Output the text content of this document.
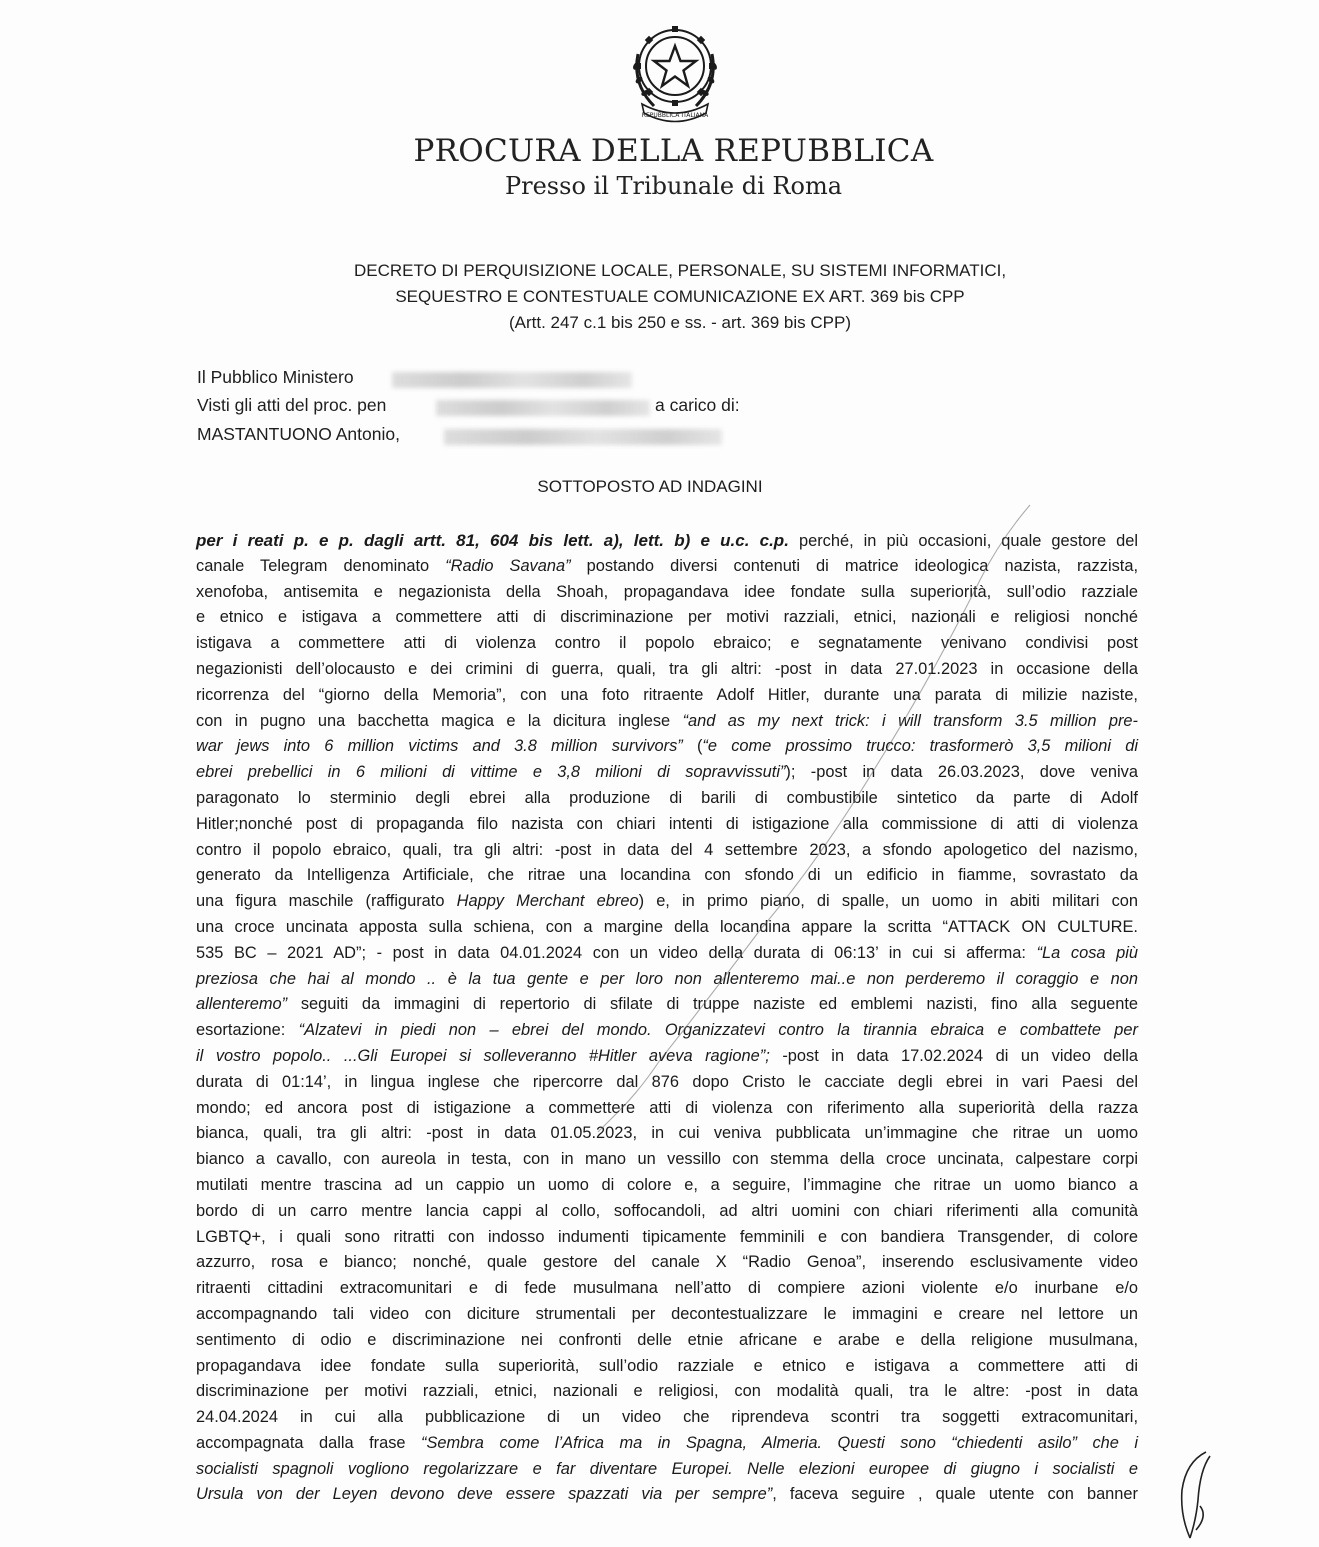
REPUBBLICA ITALIANA
PROCURA DELLA REPUBBLICA
Presso il Tribunale di Roma
DECRETO DI PERQUISIZIONE LOCALE, PERSONALE, SU SISTEMI INFORMATICI,
SEQUESTRO E CONTESTUALE COMUNICAZIONE EX ART. 369 bis CPP
(Artt. 247 c.1 bis 250 e ss. - art. 369 bis CPP)
Il Pubblico Ministero
Visti gli atti del proc. pen	a carico di:
MASTANTUONO Antonio,
SOTTOPOSTO AD INDAGINI
per i reati p. e p. dagli artt. 81, 604 bis lett. a), lett. b) e u.c. c.p. perché, in più occasioni, quale gestore del
canale Telegram denominato “Radio Savana” postando diversi contenuti di matrice ideologica nazista, razzista,
xenofoba, antisemita e negazionista della Shoah, propagandava idee fondate sulla superiorità, sull’odio razziale
e etnico e istigava a commettere atti di discriminazione per motivi razziali, etnici, nazionali e religiosi nonché
istigava a commettere atti di violenza contro il popolo ebraico; e segnatamente venivano condivisi post
negazionisti dell’olocausto e dei crimini di guerra, quali, tra gli altri: -post in data 27.01.2023 in occasione della
ricorrenza del “giorno della Memoria”, con una foto ritraente Adolf Hitler, durante una parata di milizie naziste,
con in pugno una bacchetta magica e la dicitura inglese “and as my next trick: i will transform 3.5 million pre-
war jews into 6 million victims and 3.8 million survivors” (“e come prossimo trucco: trasformerò 3,5 milioni di
ebrei prebellici in 6 milioni di vittime e 3,8 milioni di sopravvissuti”); -post in data 26.03.2023, dove veniva
paragonato lo sterminio degli ebrei alla produzione di barili di combustibile sintetico da parte di Adolf
Hitler;nonché post di propaganda filo nazista con chiari intenti di istigazione alla commissione di atti di violenza
contro il popolo ebraico, quali, tra gli altri: -post in data del 4 settembre 2023, a sfondo apologetico del nazismo,
generato da Intelligenza Artificiale, che ritrae una locandina con sfondo di un edificio in fiamme, sovrastato da
una figura maschile (raffigurato Happy Merchant ebreo) e, in primo piano, di spalle, un uomo in abiti militari con
una croce uncinata apposta sulla schiena, con a margine della locandina appare la scritta “ATTACK ON CULTURE.
535 BC – 2021 AD”; - post in data 04.01.2024 con un video della durata di 06:13’ in cui si afferma: “La cosa più
preziosa che hai al mondo .. è la tua gente e per loro non allenteremo mai..e non perderemo il coraggio e non
allenteremo” seguiti da immagini di repertorio di sfilate di truppe naziste ed emblemi nazisti, fino alla seguente
esortazione: “Alzatevi in piedi non – ebrei del mondo. Organizzatevi contro la tirannia ebraica e combattete per
il vostro popolo.. ...Gli Europei si solleveranno #Hitler aveva ragione”; -post in data 17.02.2024 di un video della
durata di 01:14’, in lingua inglese che ripercorre dal 876 dopo Cristo le cacciate degli ebrei in vari Paesi del
mondo; ed ancora post di istigazione a commettere atti di violenza con riferimento alla superiorità della razza
bianca, quali, tra gli altri: -post in data 01.05.2023, in cui veniva pubblicata un’immagine che ritrae un uomo
bianco a cavallo, con aureola in testa, con in mano un vessillo con stemma della croce uncinata, calpestare corpi
mutilati mentre trascina ad un cappio un uomo di colore e, a seguire, l’immagine che ritrae un uomo bianco a
bordo di un carro mentre lancia cappi al collo, soffocandoli, ad altri uomini con chiari riferimenti alla comunità
LGBTQ+, i quali sono ritratti con indosso indumenti tipicamente femminili e con bandiera Transgender, di colore
azzurro, rosa e bianco; nonché, quale gestore del canale X “Radio Genoa”, inserendo esclusivamente video
ritraenti cittadini extracomunitari e di fede musulmana nell’atto di compiere azioni violente e/o inurbane e/o
accompagnando tali video con diciture strumentali per decontestualizzare le immagini e creare nel lettore un
sentimento di odio e discriminazione nei confronti delle etnie africane e arabe e della religione musulmana,
propagandava idee fondate sulla superiorità, sull’odio razziale e etnico e istigava a commettere atti di
discriminazione per motivi razziali, etnici, nazionali e religiosi, con modalità quali, tra le altre: -post in data
24.04.2024 in cui alla pubblicazione di un video che riprendeva scontri tra soggetti extracomunitari,
accompagnata dalla frase “Sembra come l’Africa ma in Spagna, Almeria. Questi sono “chiedenti asilo” che i
socialisti spagnoli vogliono regolarizzare e far diventare Europei. Nelle elezioni europee di giugno i socialisti e
Ursula von der Leyen devono deve essere spazzati via per sempre”, faceva seguire , quale utente con banner
